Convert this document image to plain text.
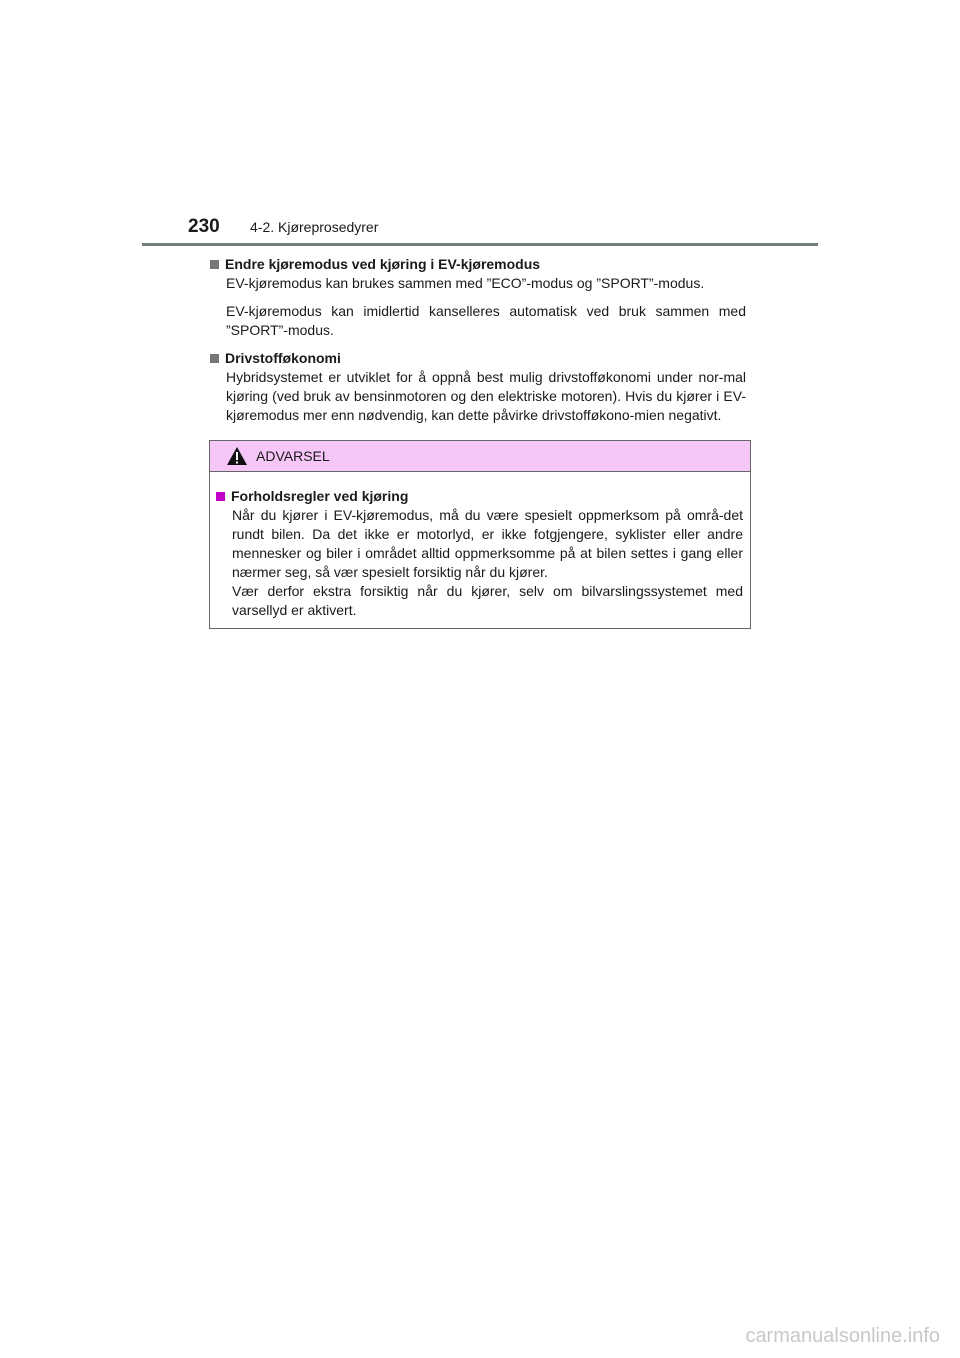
230	4-2. Kjøreprosedyrer
Endre kjøremodus ved kjøring i EV-kjøremodus
EV-kjøremodus kan brukes sammen med ”ECO”-modus og ”SPORT”-modus.
EV-kjøremodus kan imidlertid kanselleres automatisk ved bruk sammen med ”SPORT”-modus.
Drivstofføkonomi
Hybridsystemet er utviklet for å oppnå best mulig drivstofføkonomi under nor-mal kjøring (ved bruk av bensinmotoren og den elektriske motoren). Hvis du kjører i EV-kjøremodus mer enn nødvendig, kan dette påvirke drivstofføkono-mien negativt.
ADVARSEL
Forholdsregler ved kjøring
Når du kjører i EV-kjøremodus, må du være spesielt oppmerksom på områ-det rundt bilen. Da det ikke er motorlyd, er ikke fotgjengere, syklister eller andre mennesker og biler i området alltid oppmerksomme på at bilen settes i gang eller nærmer seg, så vær spesielt forsiktig når du kjører.
Vær derfor ekstra forsiktig når du kjører, selv om bilvarslingssystemet med varsellyd er aktivert.
carmanualsonline.info
